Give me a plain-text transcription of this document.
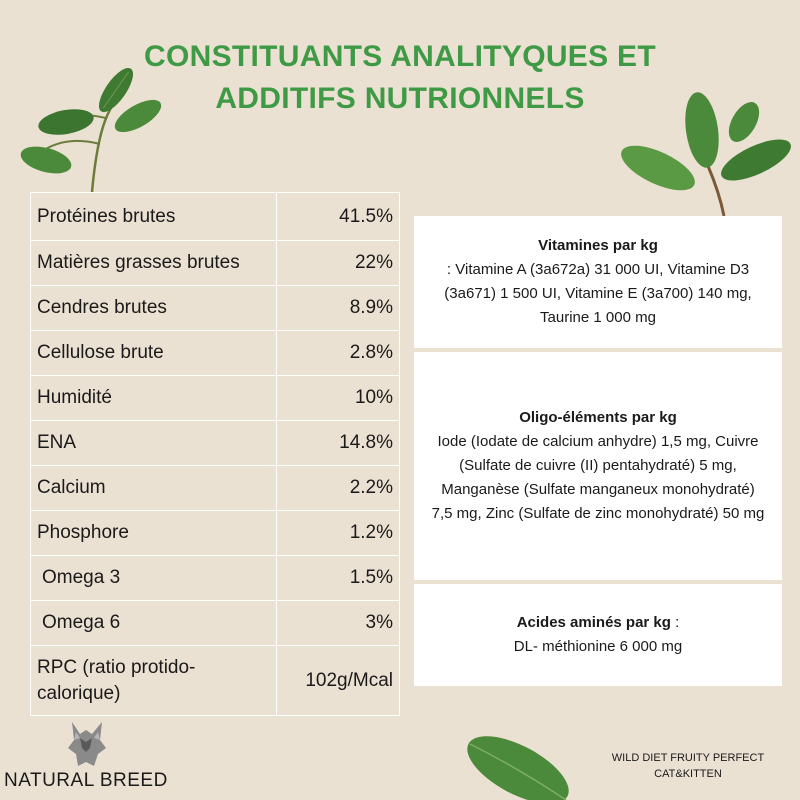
CONSTITUANTS ANALITYQUES ET
ADDITIFS NUTRIONNELS
Protéines brutes	41.5%
Matières grasses brutes	22%
Cendres brutes	8.9%
Cellulose brute	2.8%
Humidité	10%
ENA	14.8%
Calcium	2.2%
Phosphore	1.2%
Omega 3	1.5%
Omega 6	3%
RPC (ratio protido-calorique)	102g/Mcal
Vitamines par kg
: Vitamine A (3a672a) 31 000 UI, Vitamine D3 (3a671) 1 500 UI, Vitamine E (3a700) 140 mg, Taurine 1 000 mg
Oligo-éléments par kg
Iode (Iodate de calcium anhydre) 1,5 mg, Cuivre (Sulfate de cuivre (II) pentahydraté) 5 mg, Manganèse (Sulfate manganeux monohydraté) 7,5 mg, Zinc (Sulfate de zinc monohydraté) 50 mg
Acides aminés par kg :
DL- méthionine 6 000 mg
NATURAL BREED
WILD DIET FRUITY PERFECT
CAT&KITTEN
